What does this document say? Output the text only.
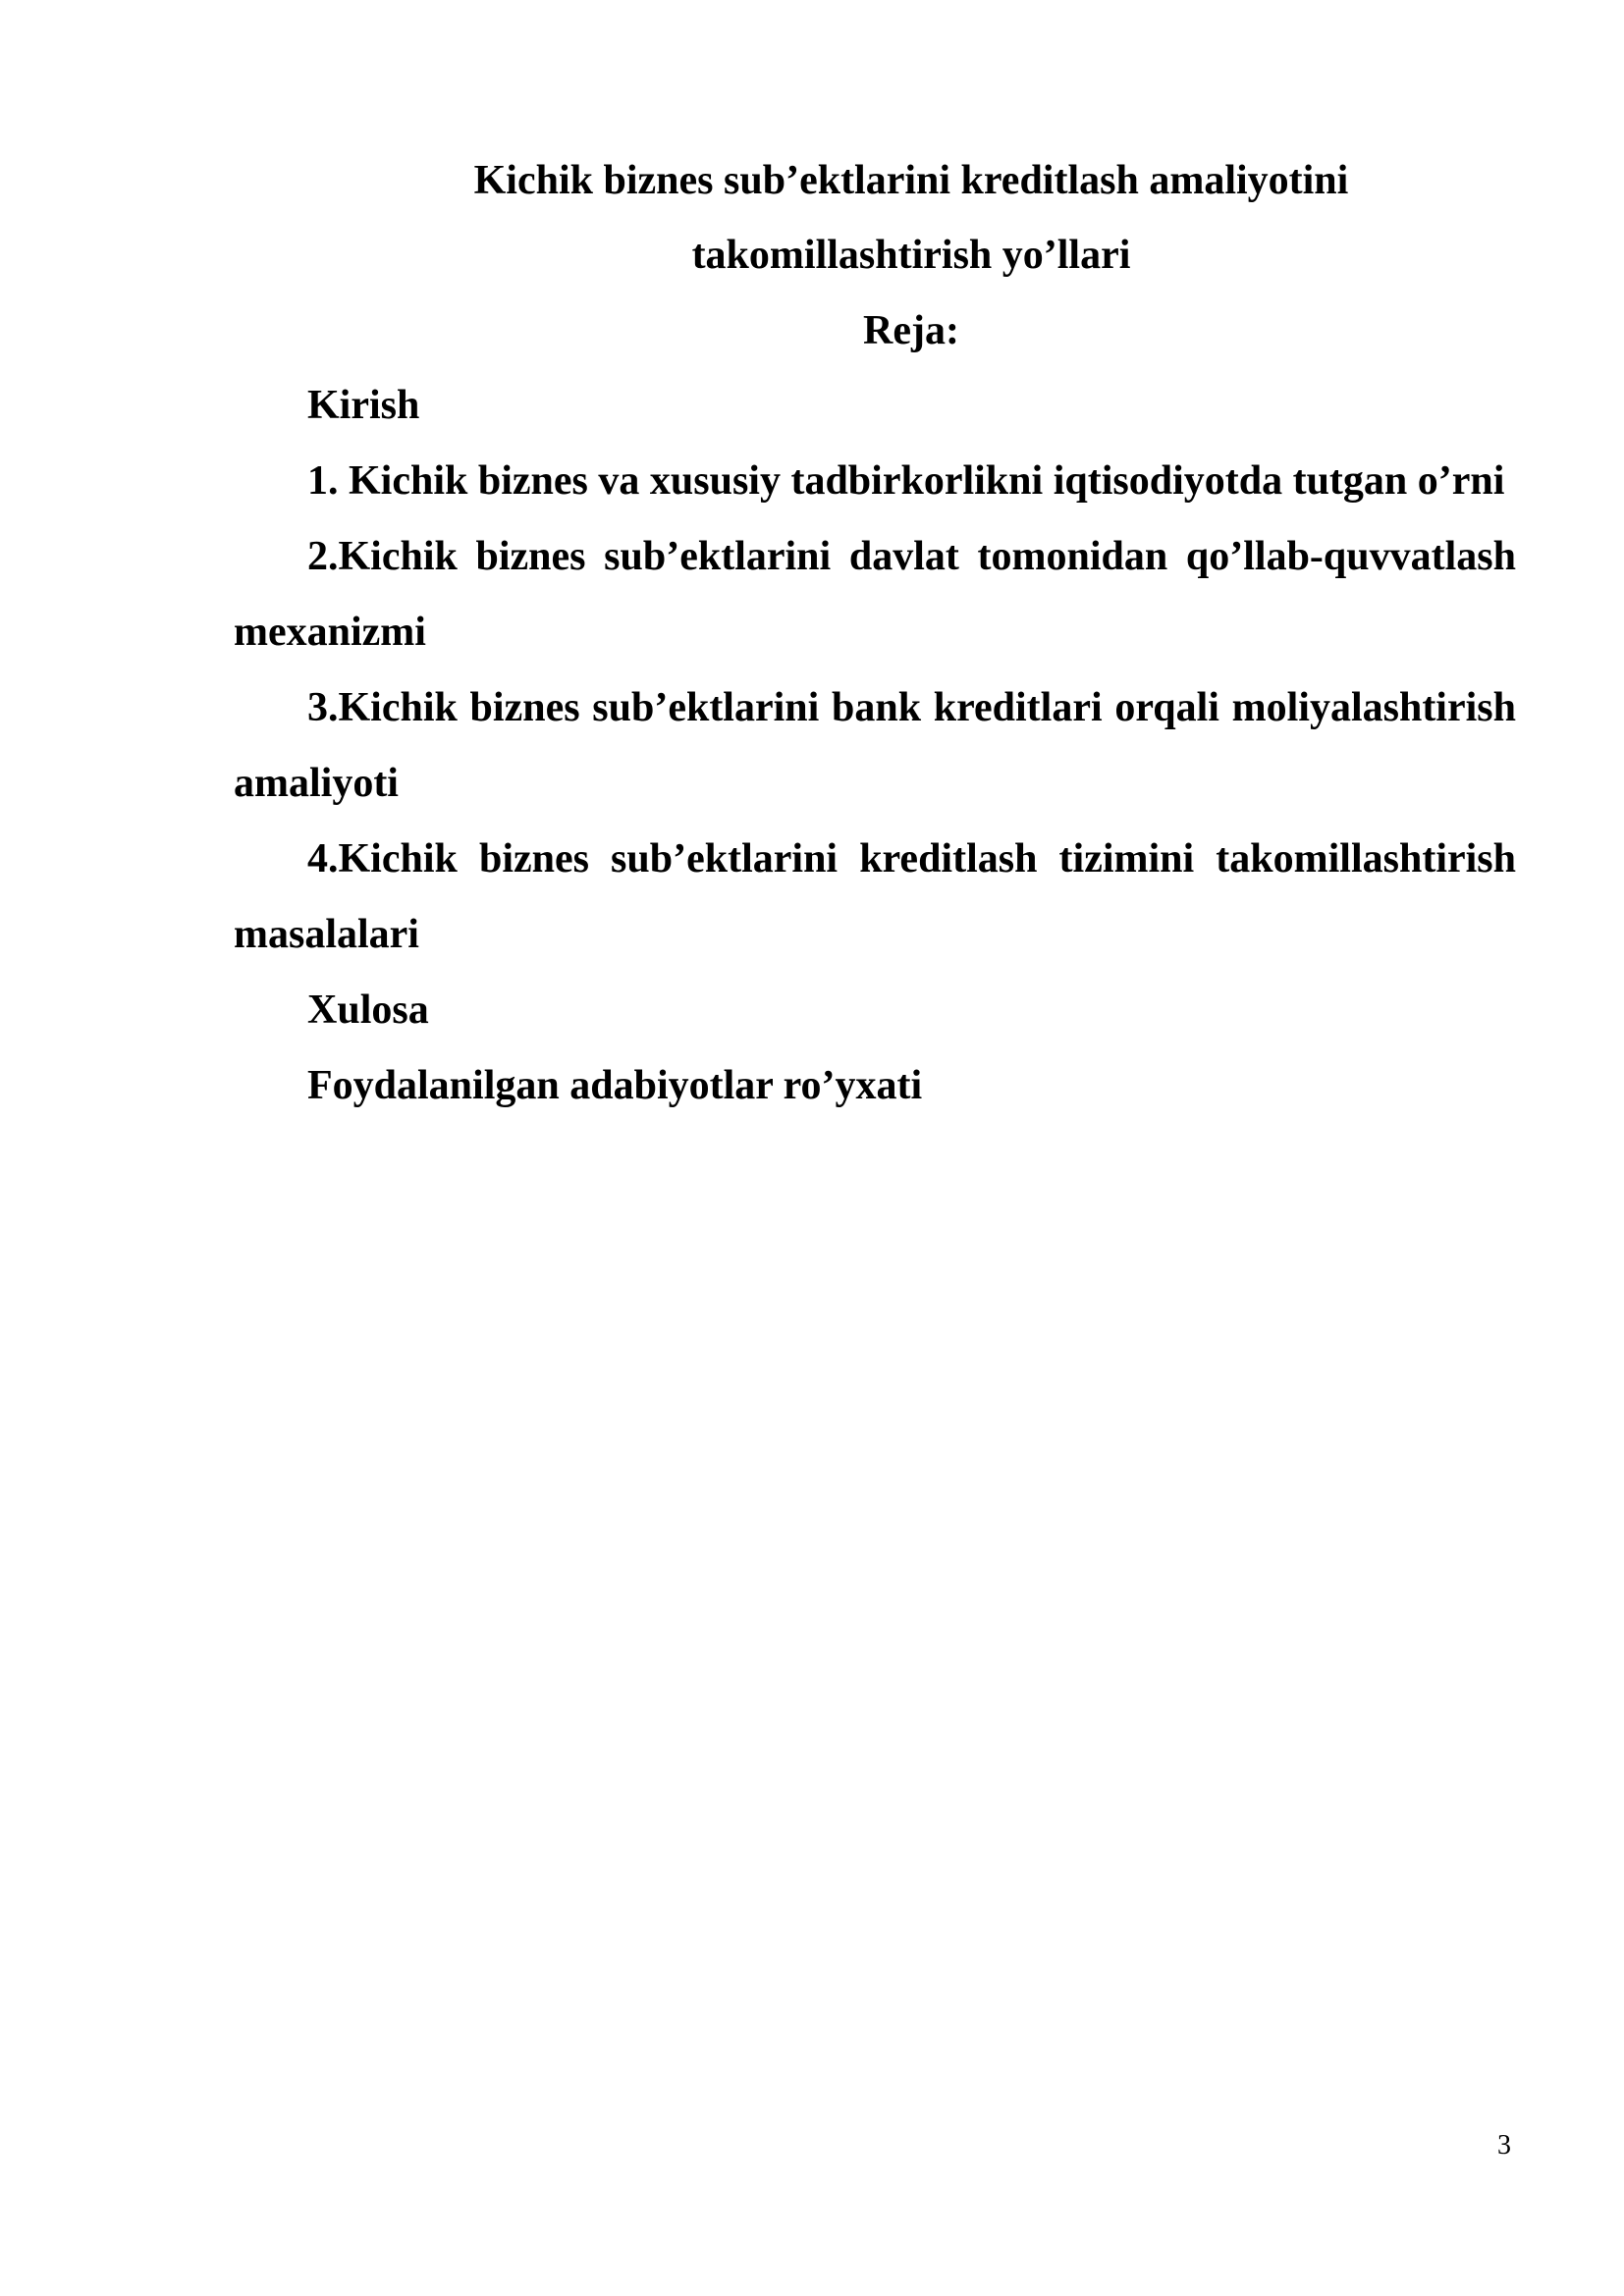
Kichik biznes sub’ektlarini kreditlash amaliyotini

takomillashtirish yo’llari

Reja:

Kirish

1. Kichik biznes va xususiy tadbirkorlikni iqtisodiyotda tutgan o’rni

2.Kichik biznes sub’ektlarini davlat tomonidan qo’llab-quvvatlash mexanizmi

3.Kichik biznes sub’ektlarini bank kreditlari orqali moliyalashtirish amaliyoti

4.Kichik biznes sub’ektlarini kreditlash tizimini takomillashtirish masalalari

Xulosa

Foydalanilgan adabiyotlar ro’yxati

3
